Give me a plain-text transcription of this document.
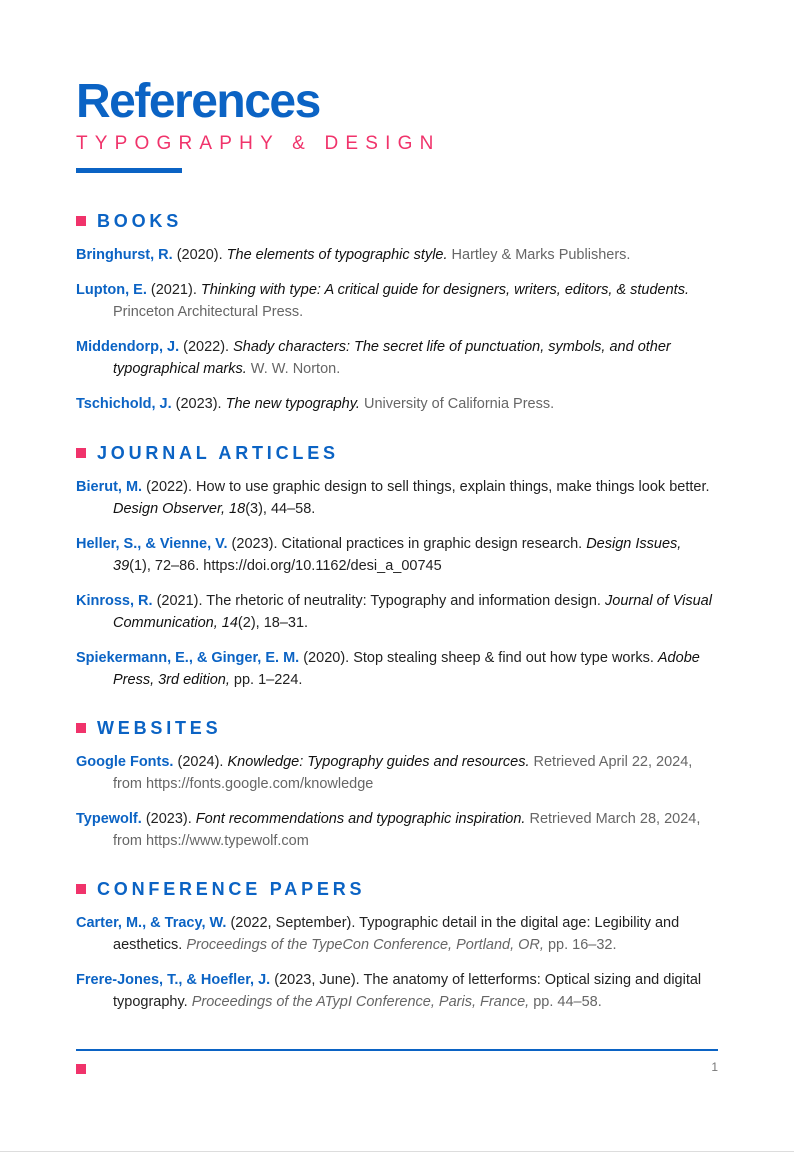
References
TYPOGRAPHY & DESIGN
BOOKS

Bringhurst, R. (2020). The elements of typographic style. Hartley & Marks Publishers.

Lupton, E. (2021). Thinking with type: A critical guide for designers, writers, editors, & students. Princeton Architectural Press.

Middendorp, J. (2022). Shady characters: The secret life of punctuation, symbols, and other typographical marks. W. W. Norton.

Tschichold, J. (2023). The new typography. University of California Press.

JOURNAL ARTICLES

Bierut, M. (2022). How to use graphic design to sell things, explain things, make things look better. Design Observer, 18(3), 44–58.

Heller, S., & Vienne, V. (2023). Citational practices in graphic design research. Design Issues, 39(1), 72–86. https://doi.org/10.1162/desi_a_00745

Kinross, R. (2021). The rhetoric of neutrality: Typography and information design. Journal of Visual Communication, 14(2), 18–31.

Spiekermann, E., & Ginger, E. M. (2020). Stop stealing sheep & find out how type works. Adobe Press, 3rd edition, pp. 1–224.

WEBSITES

Google Fonts. (2024). Knowledge: Typography guides and resources. Retrieved April 22, 2024, from https://fonts.google.com/knowledge

Typewolf. (2023). Font recommendations and typographic inspiration. Retrieved March 28, 2024, from https://www.typewolf.com

CONFERENCE PAPERS

Carter, M., & Tracy, W. (2022, September). Typographic detail in the digital age: Legibility and aesthetics. Proceedings of the TypeCon Conference, Portland, OR, pp. 16–32.

Frere-Jones, T., & Hoefler, J. (2023, June). The anatomy of letterforms: Optical sizing and digital typography. Proceedings of the ATypI Conference, Paris, France, pp. 44–58.

1
